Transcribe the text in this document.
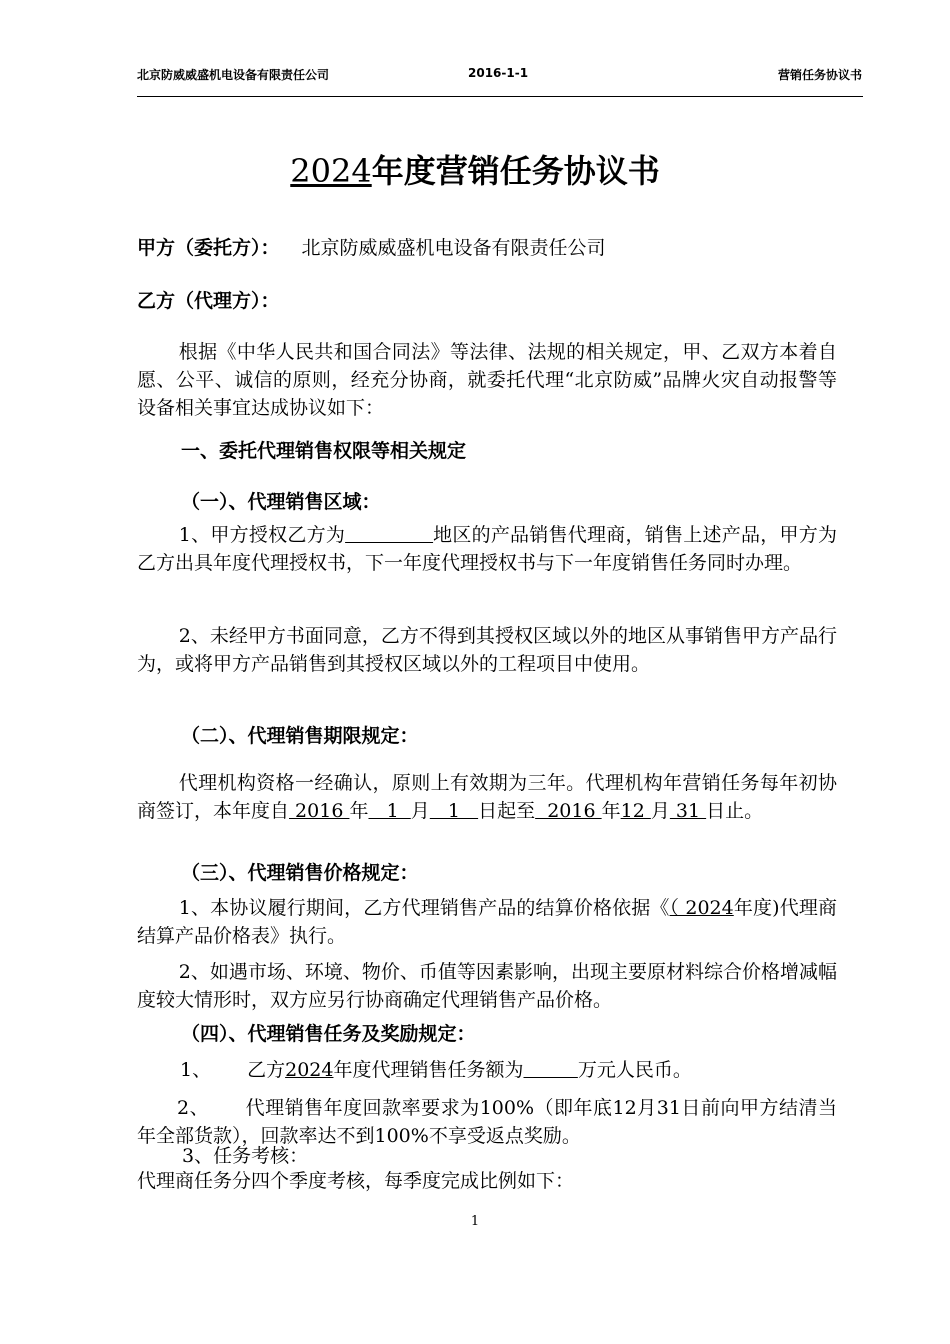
北京防威威盛机电设备有限责任公司	2016-1-1	营销任务协议书
2024年度营销任务协议书
甲方（委托方）： 北京防威威盛机电设备有限责任公司
乙方（代理方）：
根据《中华人民共和国合同法》等法律、法规的相关规定，甲、乙双方本着自愿、公平、诚信的原则，经充分协商，就委托代理“北京防威”品牌火灾自动报警等设备相关事宜达成协议如下：
一、委托代理销售权限等相关规定
（一）、代理销售区域：
1、甲方授权乙方为	地区的产品销售代理商，销售上述产品，甲方为乙方出具年度代理授权书，下一年度代理授权书与下一年度销售任务同时办理。
2、未经甲方书面同意，乙方不得到其授权区域以外的地区从事销售甲方产品行为，或将甲方产品销售到其授权区域以外的工程项目中使用。
（二）、代理销售期限规定：
代理机构资格一经确认，原则上有效期为三年。代理机构年营销任务每年初协商签订，本年度自 2016 年   1  月   1   日起至  2016 年12 月 31 日止。
（三）、代理销售价格规定：
1、本协议履行期间，乙方代理销售产品的结算价格依据《（ 2024年度)代理商结算产品价格表》执行。
2、如遇市场、环境、物价、币值等因素影响，出现主要原材料综合价格增减幅度较大情形时，双方应另行协商确定代理销售产品价格。
（四）、代理销售任务及奖励规定：
1、 乙方2024年度代理销售任务额为	万元人民币。
2、 代理销售年度回款率要求为100%（即年底12月31日前向甲方结清当年全部货款），回款率达不到100%不享受返点奖励。
3、任务考核：
代理商任务分四个季度考核，每季度完成比例如下：
1
